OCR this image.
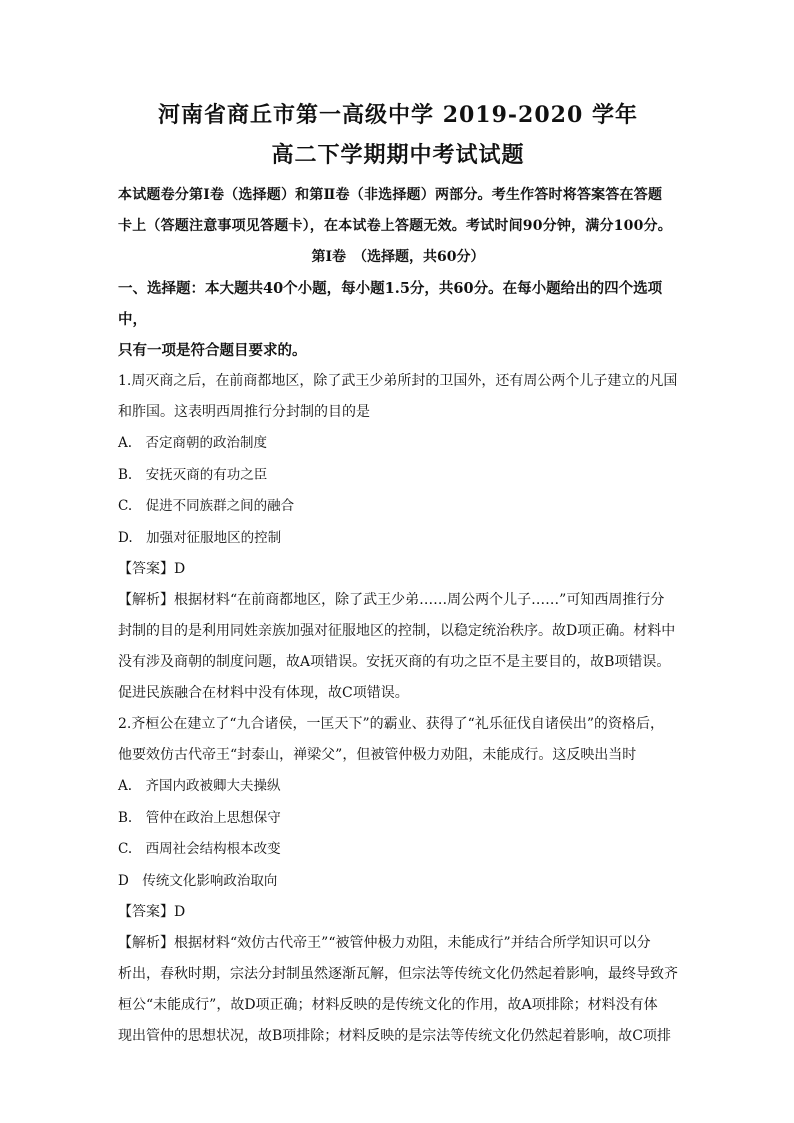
河南省商丘市第一高级中学 2019-2020 学年
高二下学期期中考试试题
本试题卷分第Ⅰ卷（选择题）和第Ⅱ卷（非选择题）两部分。考生作答时将答案答在答题
卡上（答题注意事项见答题卡），在本试卷上答题无效。考试时间90分钟，满分100分。
第Ⅰ卷　（选择题，共60分）
一、选择题：本大题共40个小题，每小题1.5分，共60分。在每小题给出的四个选项中，
只有一项是符合题目要求的。
1.周灭商之后，在前商都地区，除了武王少弟所封的卫国外，还有周公两个儿子建立的凡国
和胙国。这表明西周推行分封制的目的是
A.　否定商朝的政治制度
B.　安抚灭商的有功之臣
C.　促进不同族群之间的融合
D.　加强对征服地区的控制
【答案】D
【解析】根据材料“在前商都地区，除了武王少弟……周公两个儿子……”可知西周推行分
封制的目的是利用同姓亲族加强对征服地区的控制，以稳定统治秩序。故D项正确。材料中
没有涉及商朝的制度问题，故A项错误。安抚灭商的有功之臣不是主要目的，故B项错误。
促进民族融合在材料中没有体现，故C项错误。
2.齐桓公在建立了“九合诸侯，一匡天下”的霸业、获得了“礼乐征伐自诸侯出”的资格后，
他要效仿古代帝王“封泰山，禅梁父”，但被管仲极力劝阻，未能成行。这反映出当时
A.　齐国内政被卿大夫操纵
B.　管仲在政治上思想保守
C.　西周社会结构根本改变
D　传统文化影响政治取向
【答案】D
【解析】根据材料“效仿古代帝王”“被管仲极力劝阻，未能成行”并结合所学知识可以分
析出，春秋时期，宗法分封制虽然逐渐瓦解，但宗法等传统文化仍然起着影响，最终导致齐
桓公“未能成行”，故D项正确；材料反映的是传统文化的作用，故A项排除；材料没有体
现出管仲的思想状况，故B项排除；材料反映的是宗法等传统文化仍然起着影响，故C项排
